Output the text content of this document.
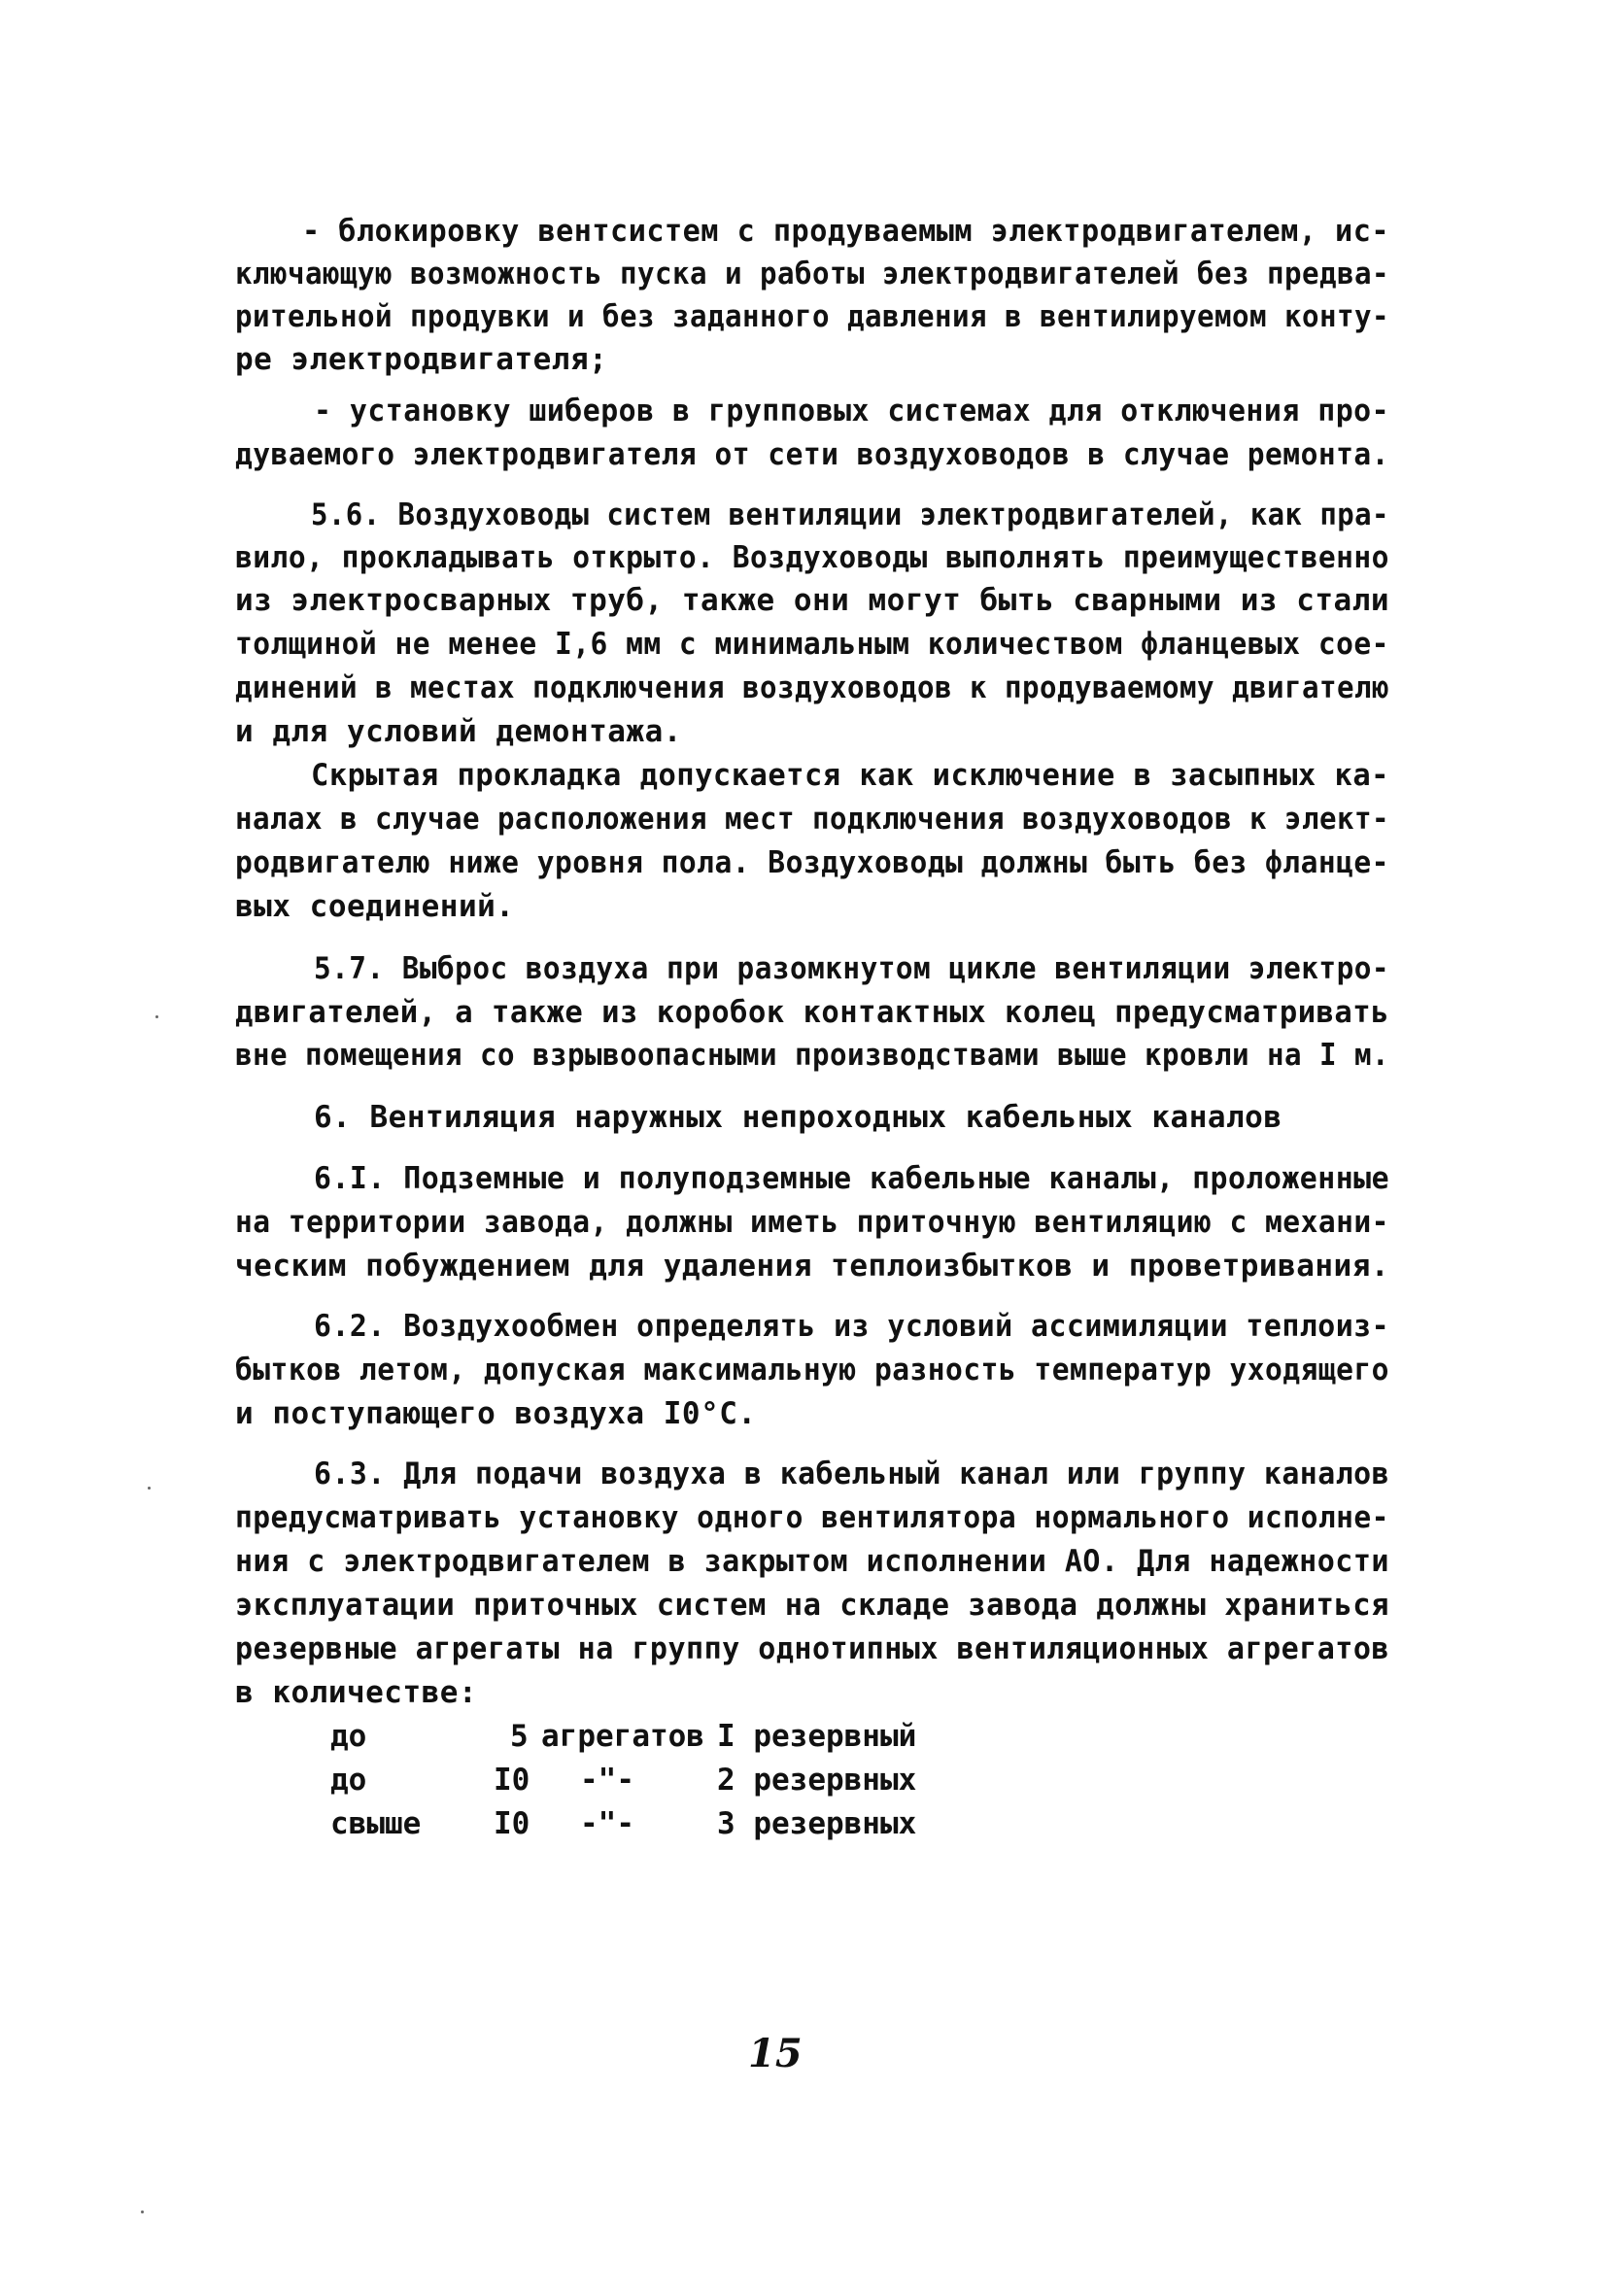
- блокировку вентсистем с продуваемым электродвигателем, ис-
ключающую возможность пуска и работы электродвигателей без предва-
рительной продувки и без заданного давления в вентилируемом конту-
ре электродвигателя;
- установку шиберов в групповых системах для отключения про-
дуваемого электродвигателя от сети воздуховодов в случае ремонта.
5.6. Воздуховоды систем вентиляции электродвигателей, как пра-
вило, прокладывать открыто. Воздуховоды выполнять преимущественно
из электросварных труб, также они могут быть сварными из стали
толщиной не менее I,6 мм с минимальным количеством фланцевых сое-
динений в местах подключения воздуховодов к продуваемому двигателю
и для условий демонтажа.
Скрытая прокладка допускается как исключение в засыпных ка-
налах в случае расположения мест подключения воздуховодов к элект-
родвигателю ниже уровня пола. Воздуховоды должны быть без фланце-
вых соединений.
5.7. Выброс воздуха при разомкнутом цикле вентиляции электро-
двигателей, а также из коробок контактных колец предусматривать
вне помещения со взрывоопасными производствами выше кровли на I м.
6. Вентиляция наружных непроходных кабельных каналов
6.I. Подземные и полуподземные кабельные каналы, проложенные
на территории завода, должны иметь приточную вентиляцию с механи-
ческим побуждением для удаления теплоизбытков и проветривания.
6.2. Воздухообмен определять из условий ассимиляции теплоиз-
бытков летом, допуская максимальную разность температур уходящего
и поступающего воздуха I0°C.
6.3. Для подачи воздуха в кабельный канал или группу каналов
предусматривать установку одного вентилятора нормального исполне-
ния с электродвигателем в закрытом исполнении АО. Для надежности
эксплуатации приточных систем на складе завода должны храниться
резервные агрегаты на группу однотипных вентиляционных агрегатов
в количестве:
до	5 агрегатов I резервный
до	I0 -"-	2 резервных
свыше I0 -"-	3 резервных
15
